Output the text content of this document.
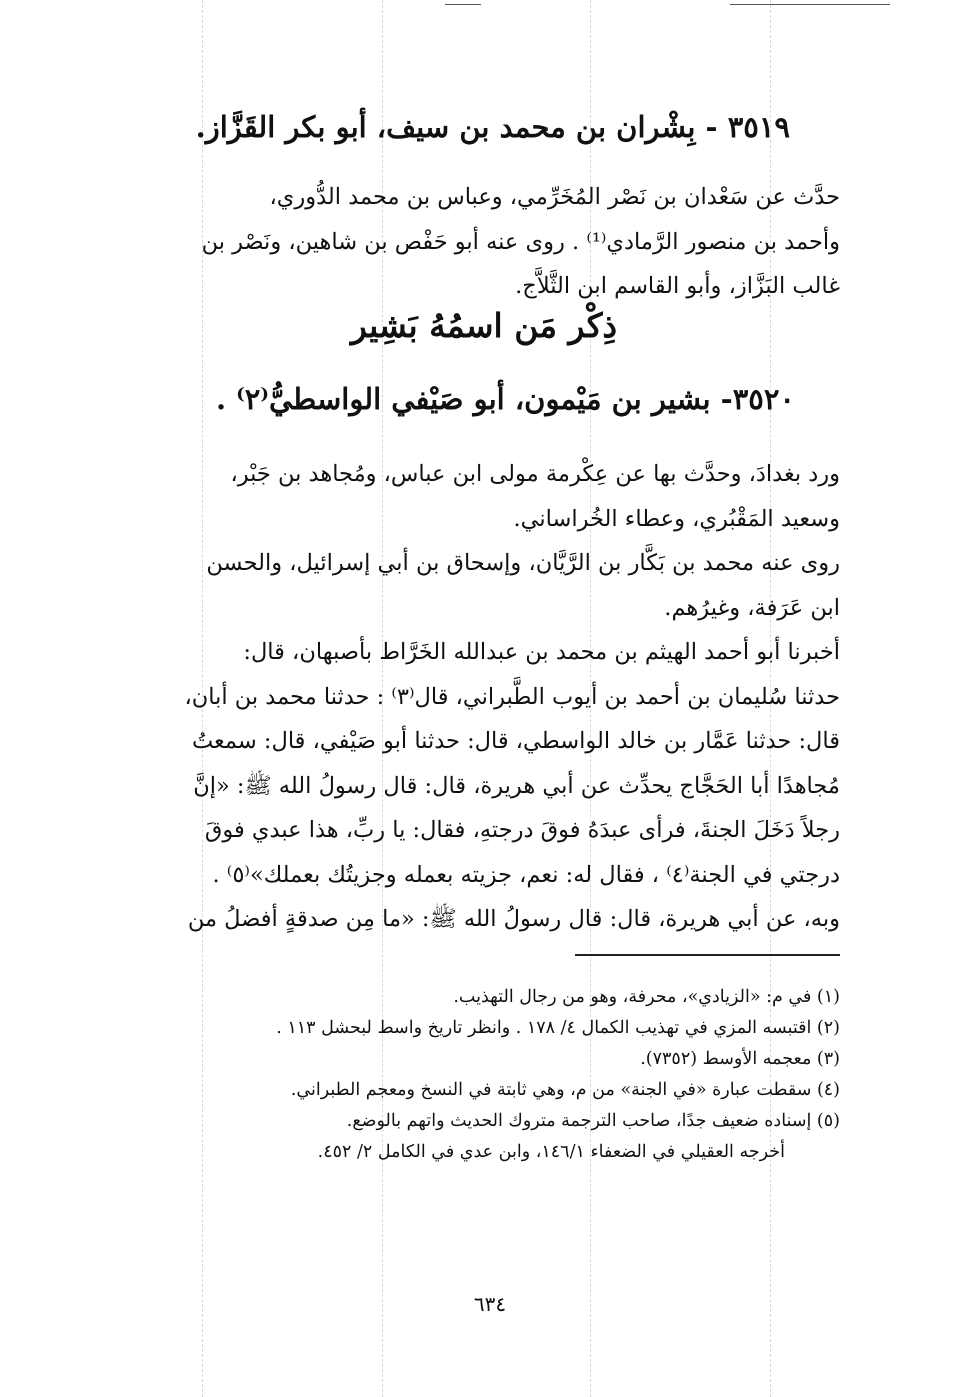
٣٥١٩ - بِشْران بن محمد بن سيف، أبو بكر القَزَّاز.

حدَّث عن سَعْدان بن نَصْر المُخَرِّمي، وعباس بن محمد الدُّوري،

وأحمد بن منصور الرَّمادي⁽¹⁾ . روى عنه أبو حَفْص بن شاهين، ونَصْر بن

غالب البَزَّاز، وأبو القاسم ابن الثَّلاَّج.

ذِكْر مَن اسمُهُ بَشِير
٣٥٢٠- بشير بن مَيْمون، أبو صَيْفي الواسطيُّ⁽٢⁾ .

ورد بغدادَ، وحدَّث بها عن عِكْرمة مولى ابن عباس، ومُجاهد بن جَبْر،

وسعيد المَقْبُري، وعطاء الخُراساني.

روى عنه محمد بن بَكَّار بن الرَّيَّان، وإسحاق بن أبي إسرائيل، والحسن

ابن عَرَفة، وغيرُهم.

أخبرنا أبو أحمد الهيثم بن محمد بن عبدالله الخَرَّاط بأصبهان، قال:

حدثنا سُليمان بن أحمد بن أيوب الطَّبراني، قال⁽٣⁾ : حدثنا محمد بن أبان،

قال: حدثنا عَمَّار بن خالد الواسطي، قال: حدثنا أبو صَيْفي، قال: سمعتُ

مُجاهدًا أبا الحَجَّاج يحدِّث عن أبي هريرة، قال: قال رسولُ الله ﷺ: «إنَّ

رجلاً دَخَلَ الجنةَ، فرأى عبدَهُ فوقَ درجتهِ، فقال: يا ربِّ، هذا عبدي فوقَ

درجتي في الجنة⁽٤⁾ ، فقال له: نعم، جزيته بعمله وجزيتُك بعملك»⁽٥⁾ .

وبه، عن أبي هريرة، قال: قال رسولُ الله ﷺ: «ما مِن صدقةٍ أفضلُ من

(١) في م: «الزيادي»، محرفة، وهو من رجال التهذيب.
(٢) اقتبسه المزي في تهذيب الكمال ٤/ ١٧٨ . وانظر تاريخ واسط لبحشل ١١٣ .
(٣) معجمه الأوسط (٧٣٥٢).
(٤) سقطت عبارة «في الجنة» من م، وهي ثابتة في النسخ ومعجم الطبراني.
(٥) إسناده ضعيف جدًا، صاحب الترجمة متروك الحديث واتهم بالوضع.
أخرجه العقيلي في الضعفاء ١٤٦/١، وابن عدي في الكامل ٢/ ٤٥٢.
٦٣٤
